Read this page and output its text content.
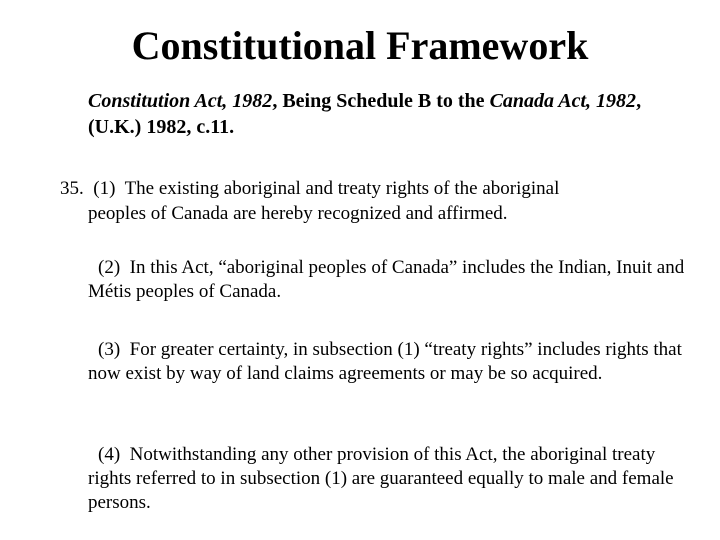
Constitutional Framework
Constitution Act, 1982, Being Schedule B to the Canada Act, 1982, (U.K.) 1982, c.11.
35. (1) The existing aboriginal and treaty rights of the aboriginal
peoples of Canada are hereby recognized and affirmed.
(2) In this Act, “aboriginal peoples of Canada” includes the Indian, Inuit and Métis peoples of Canada.
(3) For greater certainty, in subsection (1) “treaty rights” includes rights that now exist by way of land claims agreements or may be so acquired.
(4) Notwithstanding any other provision of this Act, the aboriginal treaty rights referred to in subsection (1) are guaranteed equally to male and female persons.
